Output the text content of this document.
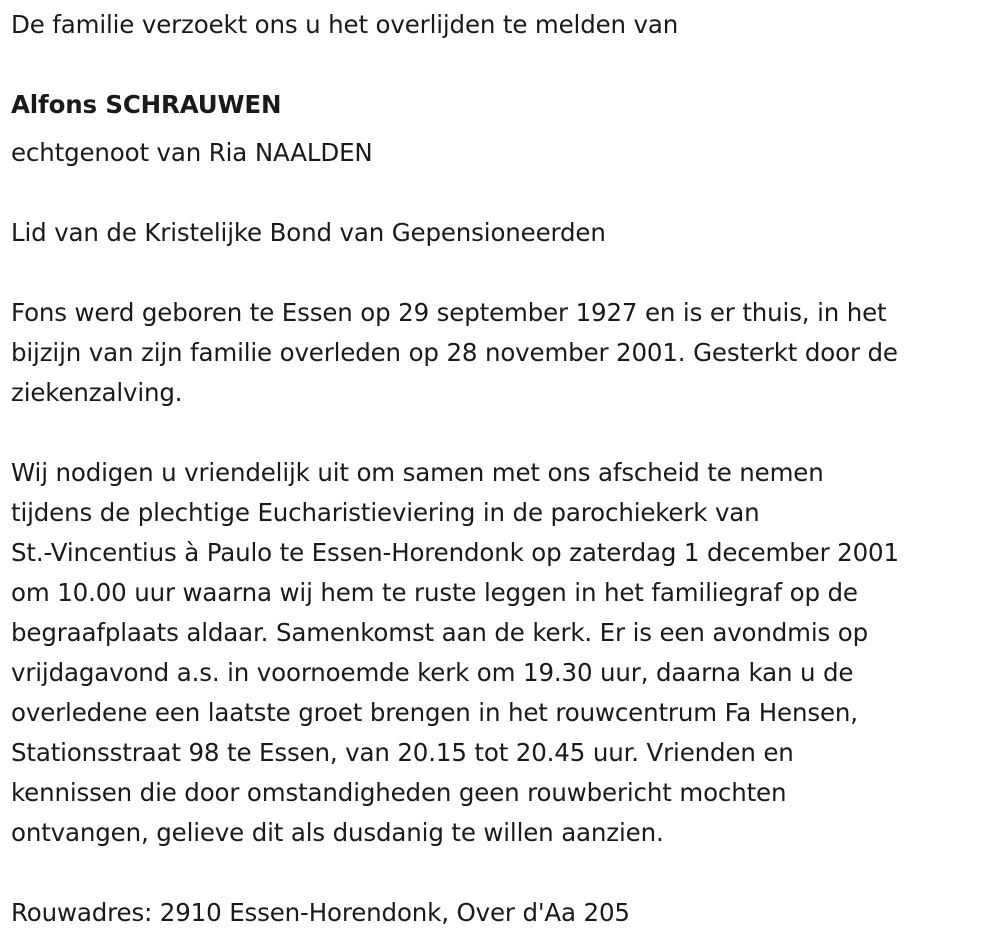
De familie verzoekt ons u het overlijden te melden van
Alfons SCHRAUWEN
echtgenoot van Ria NAALDEN
Lid van de Kristelijke Bond van Gepensioneerden
Fons werd geboren te Essen op 29 september 1927 en is er thuis, in het
bijzijn van zijn familie overleden op 28 november 2001. Gesterkt door de
ziekenzalving.
Wij nodigen u vriendelijk uit om samen met ons afscheid te nemen
tijdens de plechtige Eucharistieviering in de parochiekerk van
St.-Vincentius à Paulo te Essen-Horendonk op zaterdag 1 december 2001
om 10.00 uur waarna wij hem te ruste leggen in het familiegraf op de
begraafplaats aldaar. Samenkomst aan de kerk. Er is een avondmis op
vrijdagavond a.s. in voornoemde kerk om 19.30 uur, daarna kan u de
overledene een laatste groet brengen in het rouwcentrum Fa Hensen,
Stationsstraat 98 te Essen, van 20.15 tot 20.45 uur. Vrienden en
kennissen die door omstandigheden geen rouwbericht mochten
ontvangen, gelieve dit als dusdanig te willen aanzien.
Rouwadres: 2910 Essen-Horendonk, Over d'Aa 205
